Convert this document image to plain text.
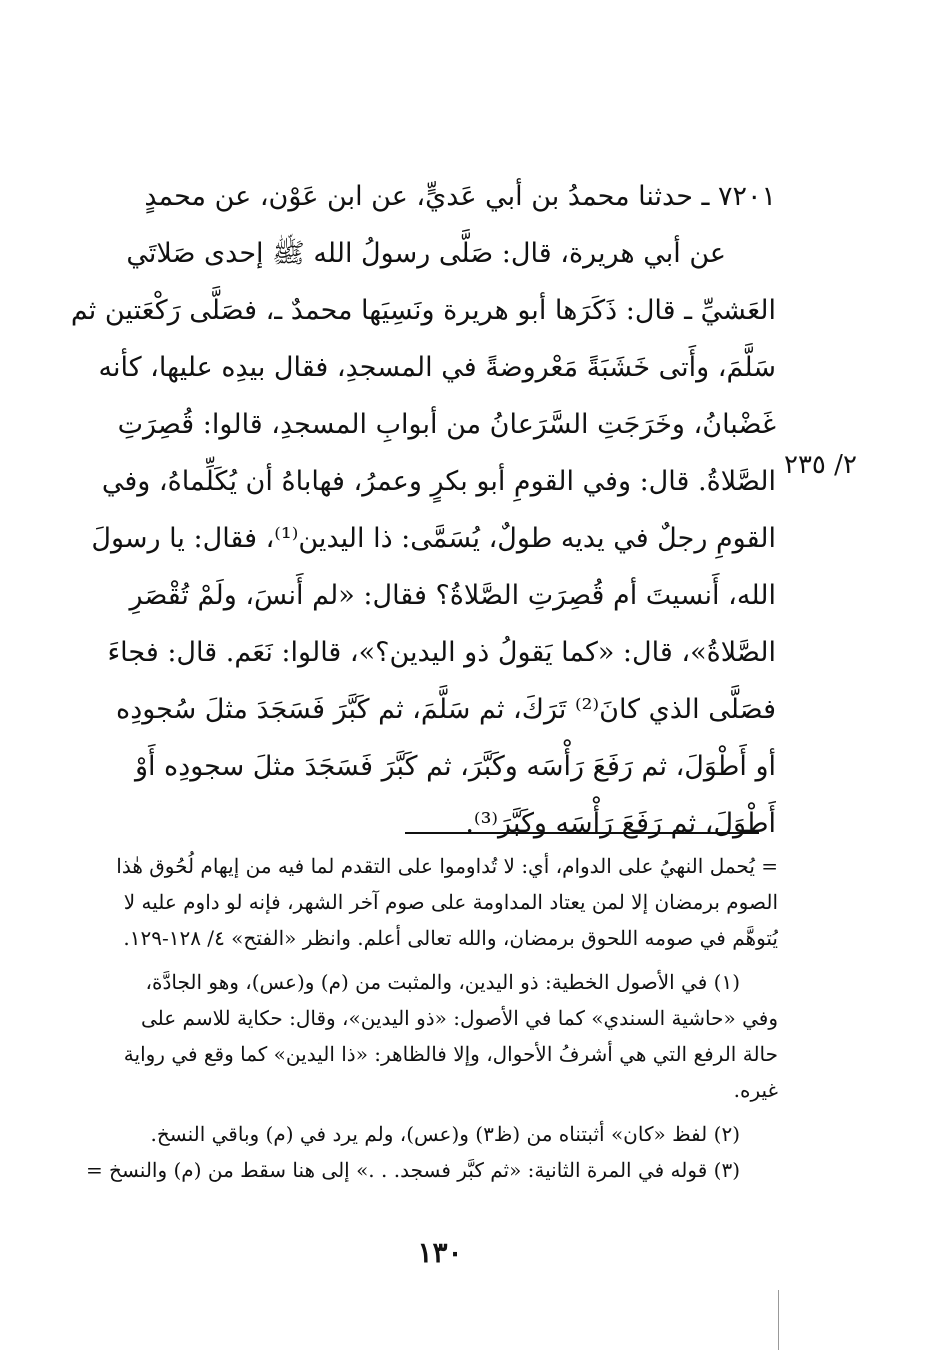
٧٢٠١ ـ حدثنا محمدُ بن أبي عَديٍّ، عن ابن عَوْن، عن محمدٍ
عن أبي هريرة، قال: صَلَّى رسولُ الله ﷺ إحدى صَلاتَي
العَشيِّ ـ قال: ذَكَرَها أبو هريرة ونَسِيَها محمدٌ ـ، فصَلَّى رَكْعَتين ثم
سَلَّمَ، وأَتى خَشَبَةً مَعْروضةً في المسجدِ، فقال بيدِه عليها، كأنه
غَضْبانُ، وخَرَجَتِ السَّرَعانُ من أبوابِ المسجدِ، قالوا: قُصِرَتِ
الصَّلاةُ. قال: وفي القومِ أبو بكرٍ وعمرُ، فهاباهُ أن يُكَلِّماهُ، وفي
القومِ رجلٌ في يديه طولٌ، يُسَمَّى: ذا اليدين⁽¹⁾، فقال: يا رسولَ
الله، أَنسيتَ أم قُصِرَتِ الصَّلاةُ؟ فقال: «لم أَنسَ، ولَمْ تُقْصَرِ
الصَّلاةُ»، قال: «كما يَقولُ ذو اليدين؟»، قالوا: نَعَم. قال: فجاءَ
فصَلَّى الذي كانَ⁽²⁾ تَرَكَ، ثم سَلَّمَ، ثم كَبَّرَ فَسَجَدَ مثلَ سُجودِه
أو أَطْوَلَ، ثم رَفَعَ رَأْسَه وكَبَّرَ، ثم كَبَّرَ فَسَجَدَ مثلَ سجودِه أَوْ
أَطْوَلَ، ثم رَفَعَ رَأْسَه وكَبَّرَ⁽³⁾.
٢/ ٢٣٥
= يُحمل النهيُ على الدوام، أي: لا تُداوموا على التقدم لما فيه من إيهام لُحُوق هٰذا
الصوم برمضان إلا لمن يعتاد المداومة على صوم آخر الشهر، فإنه لو داوم عليه لا
يُتوهَّم في صومه اللحوق برمضان، والله تعالى أعلم. وانظر «الفتح» ٤/ ١٢٨-١٢٩.
(١) في الأصول الخطية: ذو اليدين، والمثبت من (م) و(عس)، وهو الجادَّة،
وفي «حاشية السندي» كما في الأصول: «ذو اليدين»، وقال: حكاية للاسم على
حالة الرفع التي هي أشرفُ الأحوال، وإلا فالظاهر: «ذا اليدين» كما وقع في رواية
غيره.
(٢) لفظ «كان» أثبتناه من (ظ٣) و(عس)، ولم يرد في (م) وباقي النسخ.
(٣) قوله في المرة الثانية: «ثم كبَّر فسجد. . .» إلى هنا سقط من (م) والنسخ =
١٣٠
